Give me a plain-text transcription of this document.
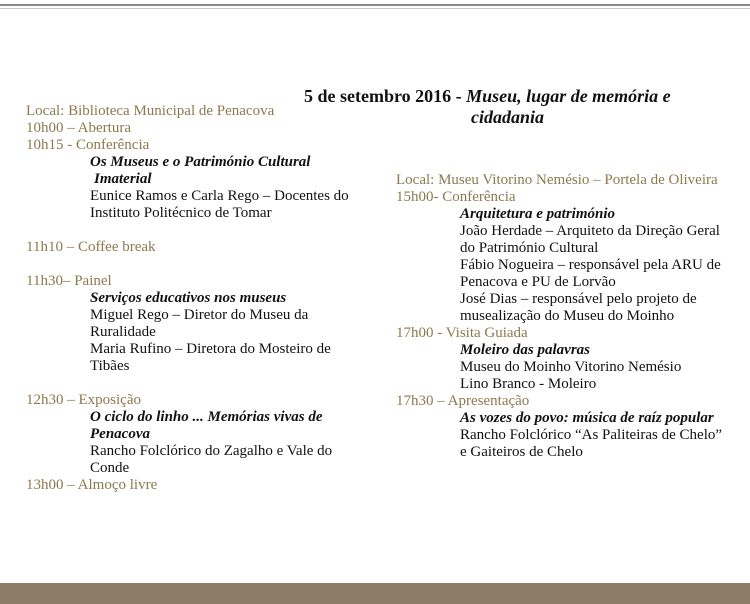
5 de setembro 2016 - Museu, lugar de memória e
cidadania
Local: Biblioteca Municipal de Penacova
10h00 – Abertura
10h15 - Conferência
Os Museus e o Património Cultural
Imaterial
Eunice Ramos e Carla Rego – Docentes do
Instituto Politécnico de Tomar
11h10 – Coffee break
11h30– Painel
Serviços educativos nos museus
Miguel Rego – Diretor do Museu da
Ruralidade
Maria Rufino – Diretora do Mosteiro de
Tibães
12h30 – Exposição
O ciclo do linho ... Memórias vivas de
Penacova
Rancho Folclórico do Zagalho e Vale do
Conde
13h00 – Almoço livre
Local: Museu Vitorino Nemésio – Portela de Oliveira
15h00- Conferência
Arquitetura e património
João Herdade – Arquiteto da Direção Geral
do Património Cultural
Fábio Nogueira – responsável pela ARU de
Penacova e PU de Lorvão
José Dias – responsável pelo projeto de
musealização do Museu do Moinho
17h00 - Visita Guiada
Moleiro das palavras
Museu do Moinho Vitorino Nemésio
Lino Branco - Moleiro
17h30 – Apresentação
As vozes do povo: música de raíz popular
Rancho Folclórico “As Paliteiras de Chelo”
e Gaiteiros de Chelo
